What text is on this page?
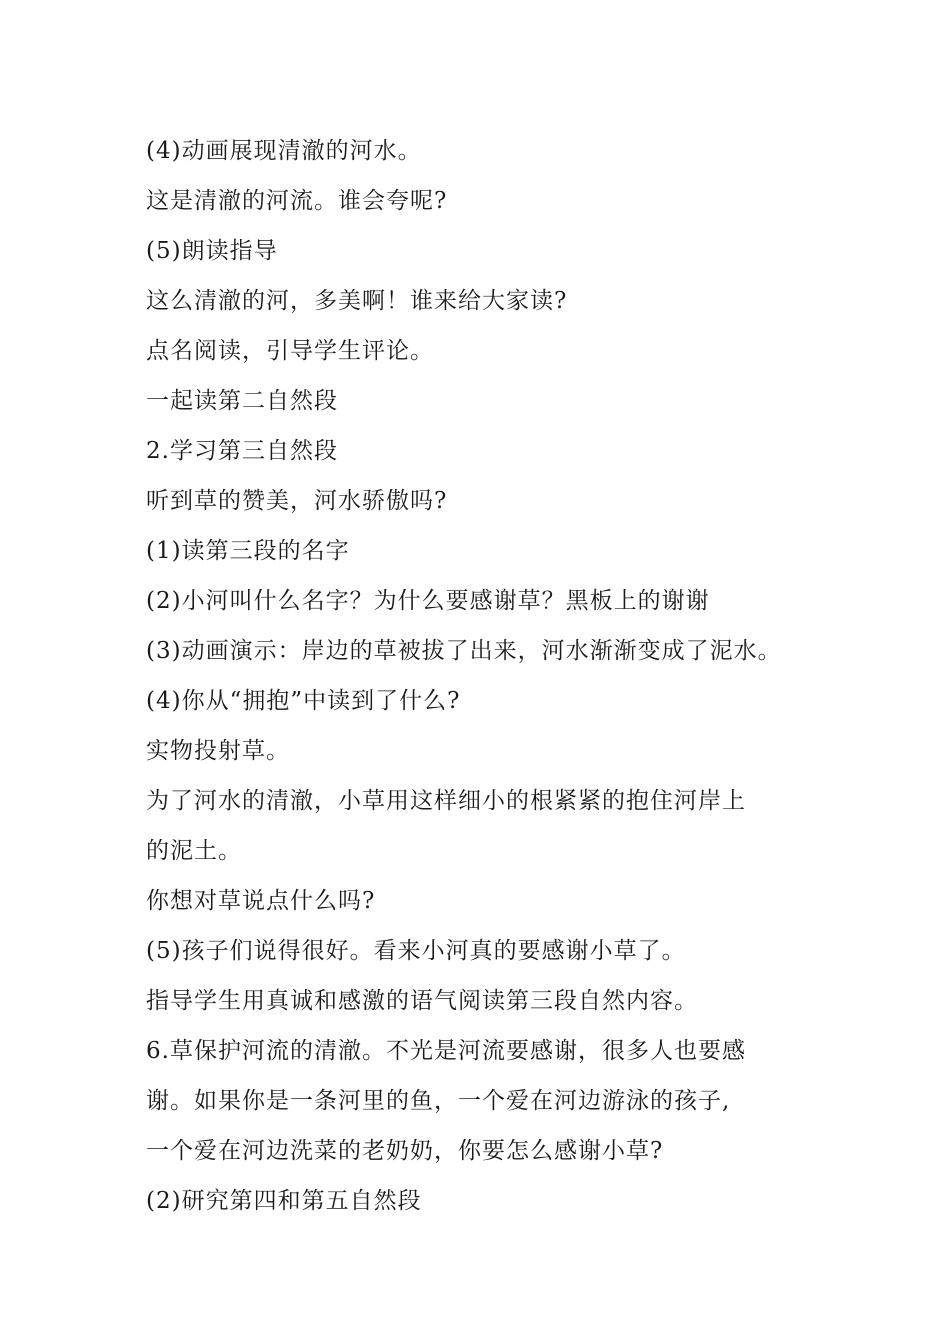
(4)动画展现清澈的河水。
这是清澈的河流。谁会夸呢?
(5)朗读指导
这么清澈的河，多美啊！谁来给大家读?
点名阅读，引导学生评论。
一起读第二自然段
2.学习第三自然段
听到草的赞美，河水骄傲吗?
(1)读第三段的名字
(2)小河叫什么名字？为什么要感谢草？黑板上的谢谢
(3)动画演示：岸边的草被拔了出来，河水渐渐变成了泥水。
(4)你从“拥抱”中读到了什么?
实物投射草。
为了河水的清澈，小草用这样细小的根紧紧的抱住河岸上
的泥土。
你想对草说点什么吗?
(5)孩子们说得很好。看来小河真的要感谢小草了。
指导学生用真诚和感激的语气阅读第三段自然内容。
6.草保护河流的清澈。不光是河流要感谢，很多人也要感
谢。如果你是一条河里的鱼，一个爱在河边游泳的孩子,
一个爱在河边洗菜的老奶奶，你要怎么感谢小草?
(2)研究第四和第五自然段
